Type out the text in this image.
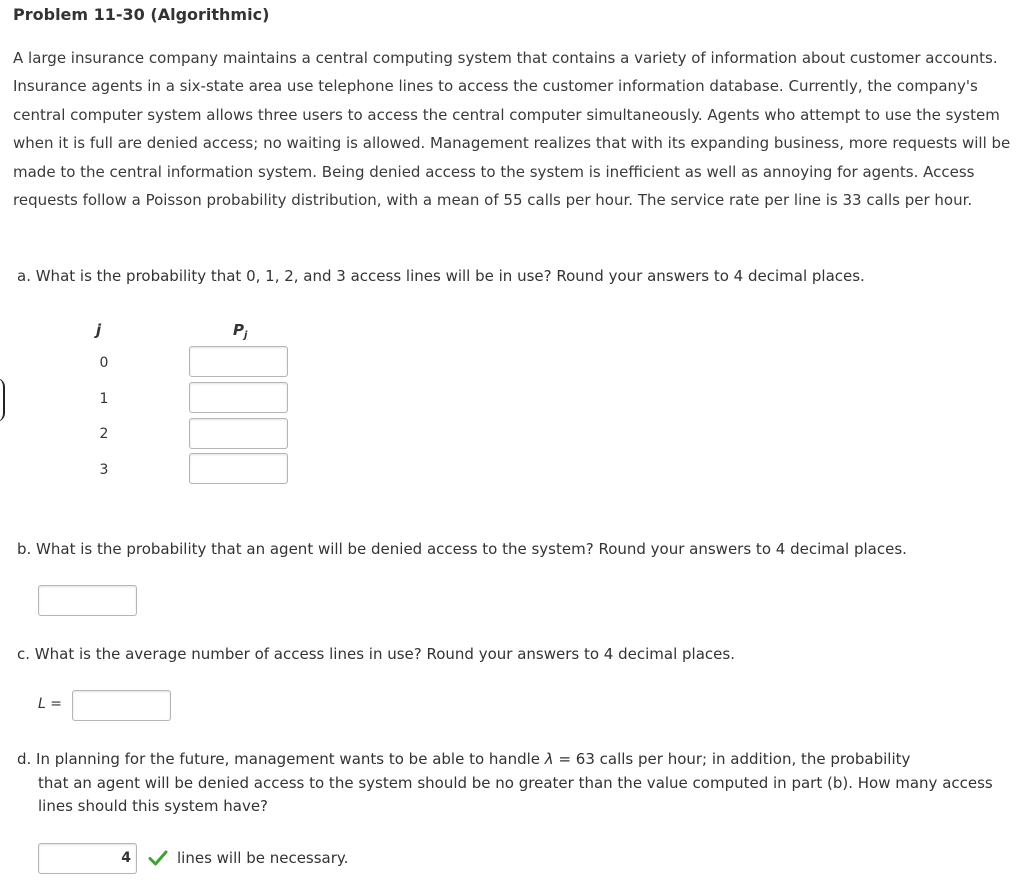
Problem 11-30 (Algorithmic)
A large insurance company maintains a central computing system that contains a variety of information about customer accounts. Insurance agents in a six-state area use telephone lines to access the customer information database. Currently, the company's central computer system allows three users to access the central computer simultaneously. Agents who attempt to use the system when it is full are denied access; no waiting is allowed. Management realizes that with its expanding business, more requests will be made to the central information system. Being denied access to the system is inefficient as well as annoying for agents. Access requests follow a Poisson probability distribution, with a mean of 55 calls per hour. The service rate per line is 33 calls per hour.
a. What is the probability that 0, 1, 2, and 3 access lines will be in use? Round your answers to 4 decimal places.
j	$P_j$
0
1
2
3
b. What is the probability that an agent will be denied access to the system? Round your answers to 4 decimal places.
c. What is the average number of access lines in use? Round your answers to 4 decimal places.
L =
d. In planning for the future, management wants to be able to handle λ = 63 calls per hour; in addition, the probability
that an agent will be denied access to the system should be no greater than the value computed in part (b). How many access lines should this system have?
4	lines will be necessary.
